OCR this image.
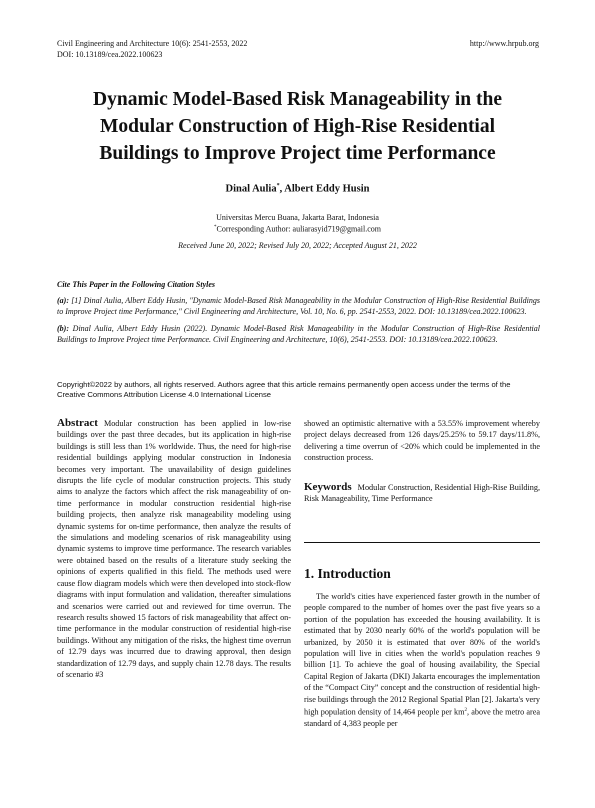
Civil Engineering and Architecture 10(6): 2541-2553, 2022
DOI: 10.13189/cea.2022.100623
http://www.hrpub.org
Dynamic Model-Based Risk Manageability in the
Modular Construction of High-Rise Residential
Buildings to Improve Project time Performance
Dinal Aulia*, Albert Eddy Husin
Universitas Mercu Buana, Jakarta Barat, Indonesia
*Corresponding Author: auliarasyid719@gmail.com
Received June 20, 2022; Revised July 20, 2022; Accepted August 21, 2022
Cite This Paper in the Following Citation Styles

(a): [1] Dinal Aulia, Albert Eddy Husin, "Dynamic Model-Based Risk Manageability in the Modular Construction of High-Rise Residential Buildings to Improve Project time Performance," Civil Engineering and Architecture, Vol. 10, No. 6, pp. 2541-2553, 2022. DOI: 10.13189/cea.2022.100623.

(b): Dinal Aulia, Albert Eddy Husin (2022). Dynamic Model-Based Risk Manageability in the Modular Construction of High-Rise Residential Buildings to Improve Project time Performance. Civil Engineering and Architecture, 10(6), 2541-2553. DOI: 10.13189/cea.2022.100623.

Copyright©2022 by authors, all rights reserved. Authors agree that this article remains permanently open access under the terms of the Creative Commons Attribution License 4.0 International License
Abstract Modular construction has been applied in low-rise buildings over the past three decades, but its application in high-rise buildings is still less than 1% worldwide. Thus, the need for high-rise residential buildings applying modular construction in Indonesia becomes very important. The unavailability of design guidelines disrupts the life cycle of modular construction projects. This study aims to analyze the factors which affect the risk manageability of on-time performance in modular construction residential high-rise building projects, then analyze risk manageability modeling using dynamic systems for on-time performance, then analyze the results of the simulations and modeling scenarios of risk manageability using dynamic systems to improve time performance. The research variables were obtained based on the results of a literature study seeking the opinions of experts qualified in this field. The methods used were cause flow diagram models which were then developed into stock-flow diagrams with input formulation and validation, thereafter simulations and scenarios were carried out and reviewed for time overrun. The research results showed 15 factors of risk manageability that affect on-time performance in the modular construction of residential high-rise buildings. Without any mitigation of the risks, the highest time overrun of 12.79 days was incurred due to drawing approval, then design standardization of 12.79 days, and supply chain 12.78 days. The results of scenario #3
showed an optimistic alternative with a 53.55% improvement whereby project delays decreased from 126 days/25.25% to 59.17 days/11.8%, delivering a time overrun of <20% which could be implemented in the construction process.
Keywords Modular Construction, Residential High-Rise Building, Risk Manageability, Time Performance
1. Introduction
The world's cities have experienced faster growth in the number of people compared to the number of homes over the past five years so a portion of the population has exceeded the housing availability. It is estimated that by 2030 nearly 60% of the world's population will be urbanized, by 2050 it is estimated that over 80% of the world's population will live in cities when the world's population reaches 9 billion [1]. To achieve the goal of housing availability, the Special Capital Region of Jakarta (DKI) Jakarta encourages the implementation of the “Compact City” concept and the construction of residential high-rise buildings through the 2012 Regional Spatial Plan [2]. Jakarta's very high population density of 14,464 people per $km^2$, above the metro area standard of 4,383 people per
